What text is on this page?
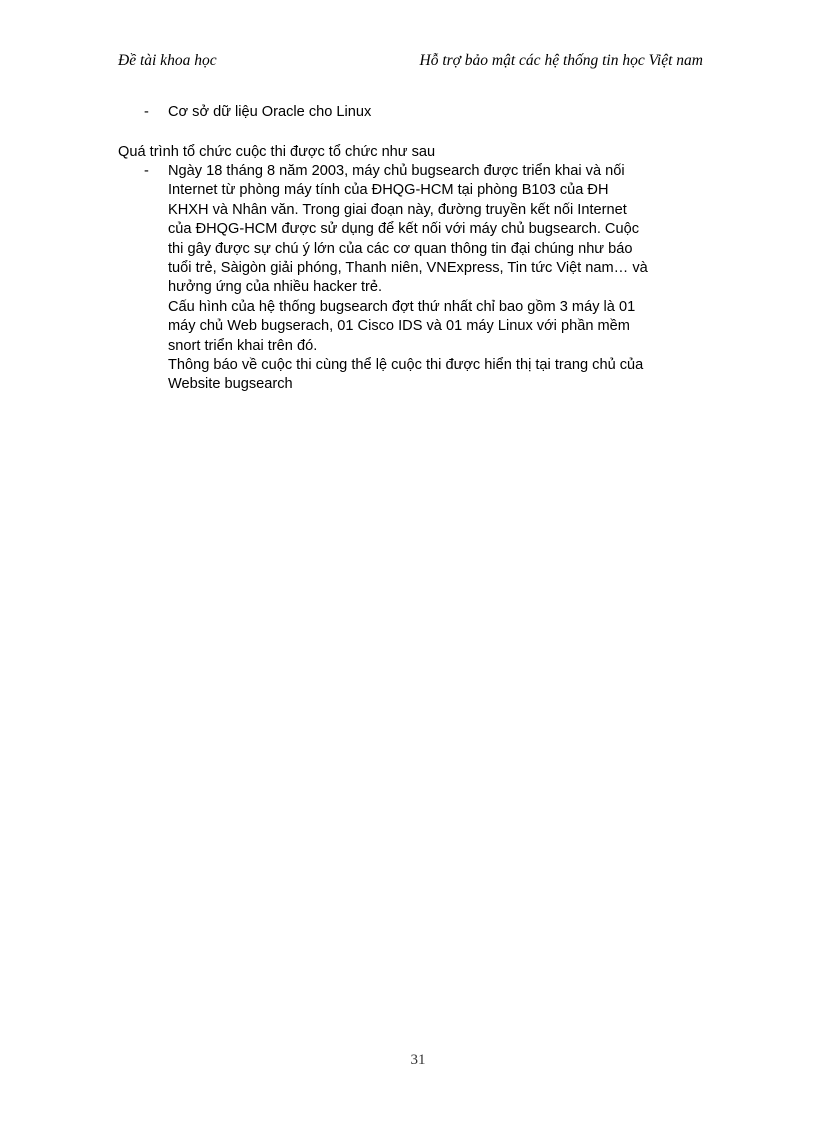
Đề tài khoa học	Hỗ trợ bảo mật các hệ thống tin học Việt nam
- Cơ sở dữ liệu Oracle cho Linux
Quá trình tổ chức cuộc thi được tổ chức như sau
- Ngày 18 tháng 8 năm 2003, máy chủ bugsearch được triển khai và nối
Internet từ phòng máy tính của ĐHQG-HCM tại phòng B103 của ĐH
KHXH và Nhân văn. Trong giai đoạn này, đường truyền kết nối Internet
của ĐHQG-HCM được sử dụng để kết nối với máy chủ bugsearch. Cuộc
thi gây được sự chú ý lớn của các cơ quan thông tin đại chúng như báo
tuổi trẻ, Sàigòn giải phóng, Thanh niên, VNExpress, Tin tức Việt nam… và
hưởng ứng của nhiều hacker trẻ.
Cấu hình của hệ thống bugsearch đợt thứ nhất chỉ bao gồm 3 máy là 01
máy chủ Web bugserach, 01 Cisco IDS và 01 máy Linux với phần mềm
snort triển khai trên đó.
Thông báo về cuộc thi cùng thể lệ cuộc thi được hiển thị tại trang chủ của
Website bugsearch
31
